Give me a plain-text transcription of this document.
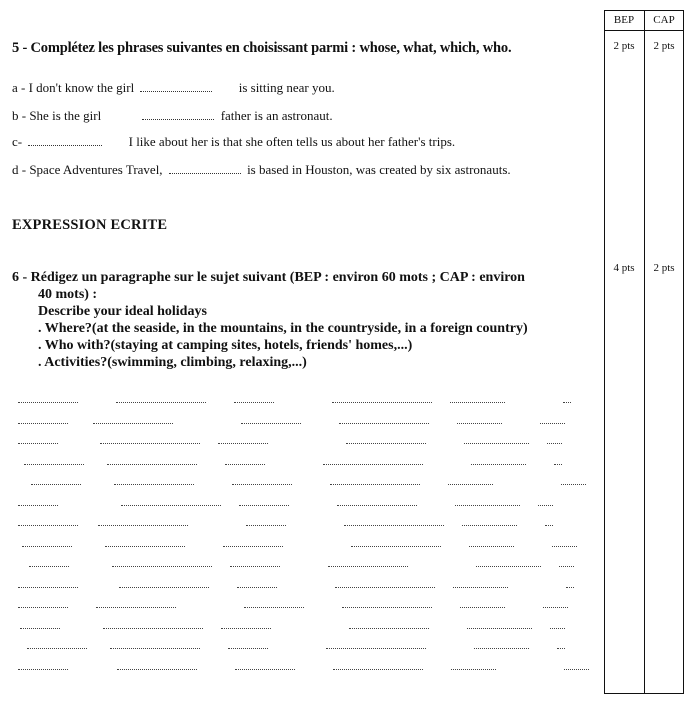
BEP	CAP
2 pts	2 pts
4 pts	2 pts
5 - Complétez les phrases suivantes en choisissant parmi : whose, what, which, who.
a - I don't know the girl	is sitting near you.
b - She is the girl	father is an astronaut.
c-	I like about her is that she often tells us about her father's trips.
d - Space Adventures Travel,	is based in Houston, was created by six astronauts.
EXPRESSION ECRITE
6 - Rédigez un paragraphe sur le sujet suivant (BEP : environ 60 mots ; CAP : environ
40 mots) :
Describe your ideal holidays
. Where?(at the seaside, in the mountains, in the countryside, in a foreign country)
. Who with?(staying at camping sites, hotels, friends' homes,...)
. Activities?(swimming, climbing, relaxing,...)
